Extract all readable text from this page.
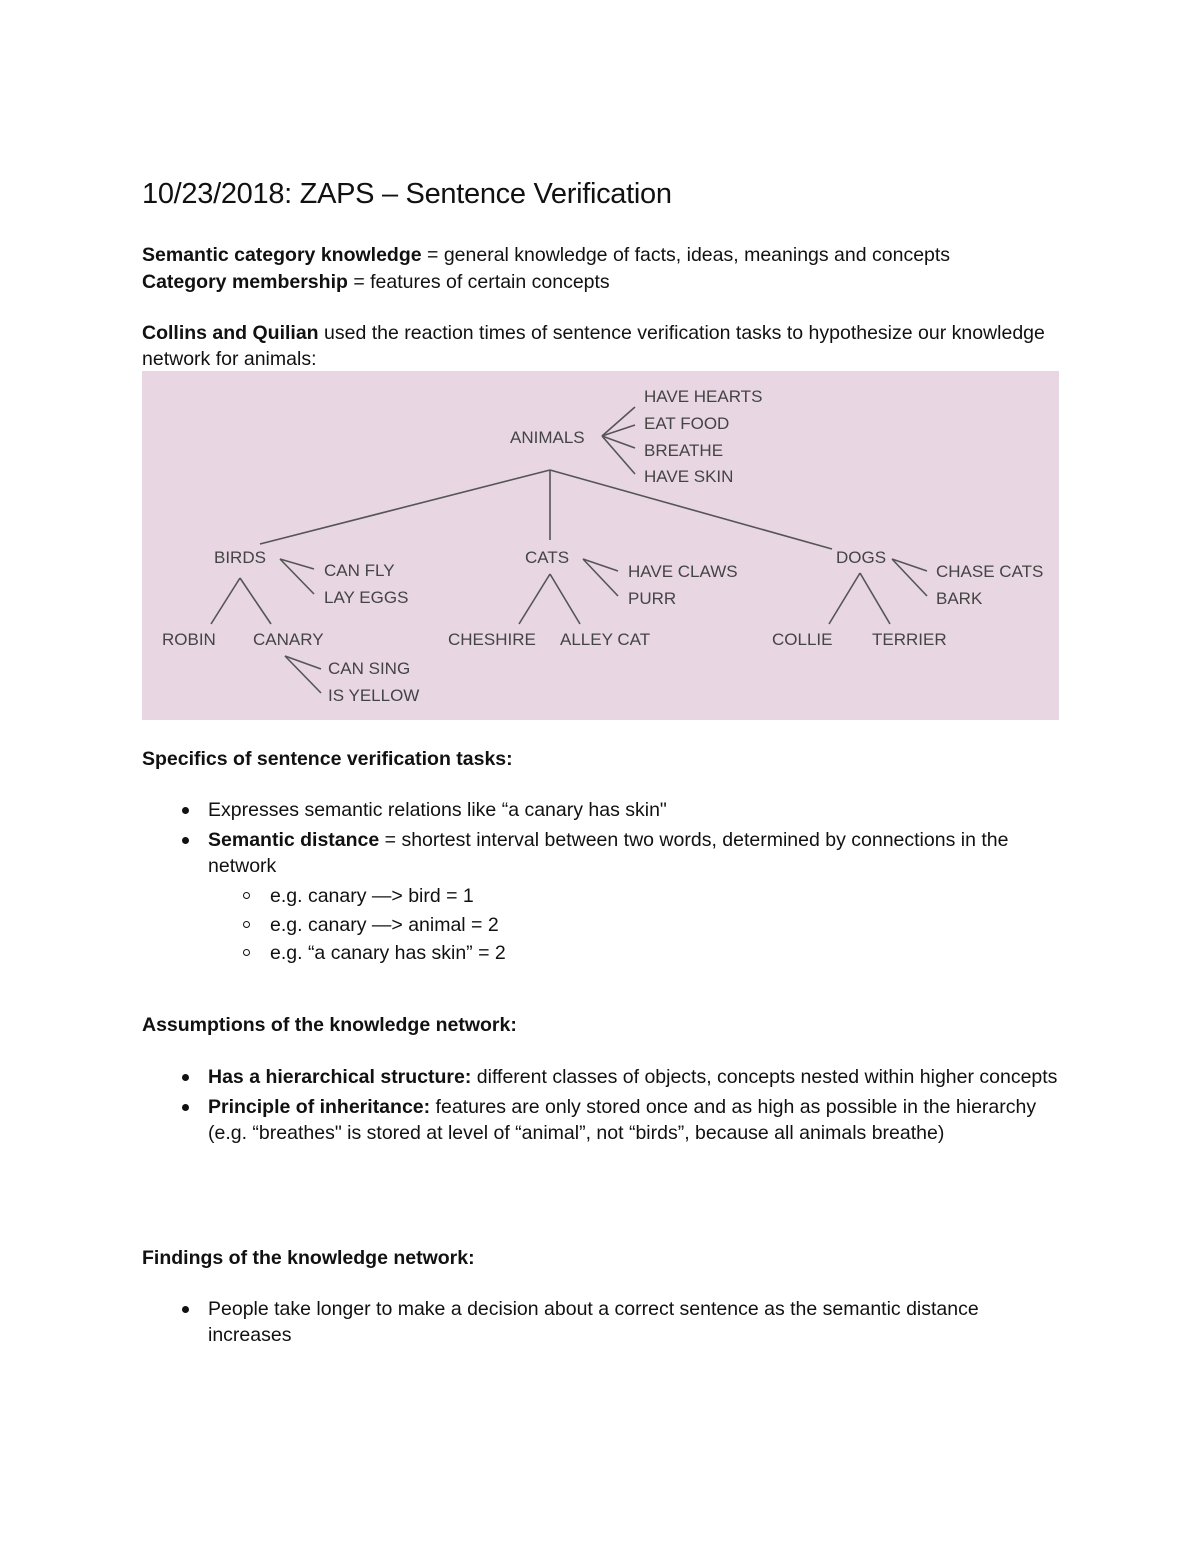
10/23/2018: ZAPS – Sentence Verification

Semantic category knowledge = general knowledge of facts, ideas, meanings and concepts

Category membership = features of certain concepts

Collins and Quilian used the reaction times of sentence verification tasks to hypothesize our knowledge network for animals:

ANIMALS
HAVE HEARTS
EAT FOOD
BREATHE
HAVE SKIN
BIRDS
CAN FLY
LAY EGGS
ROBIN CANARY
CAN SING
IS YELLOW
CATS
HAVE CLAWS
PURR
CHESHIRE ALLEY CAT
DOGS
CHASE CATS
BARK
COLLIE TERRIER
Specifics of sentence verification tasks:
Expresses semantic relations like “a canary has skin"
Semantic distance = shortest interval between two words, determined by connections in the network
e.g. canary —> bird = 1
e.g. canary —> animal = 2
e.g. “a canary has skin” = 2
Assumptions of the knowledge network:
Has a hierarchical structure: different classes of objects, concepts nested within higher concepts
Principle of inheritance: features are only stored once and as high as possible in the hierarchy (e.g. “breathes" is stored at level of “animal”, not “birds”, because all animals breathe)
Findings of the knowledge network:
People take longer to make a decision about a correct sentence as the semantic distance increases
